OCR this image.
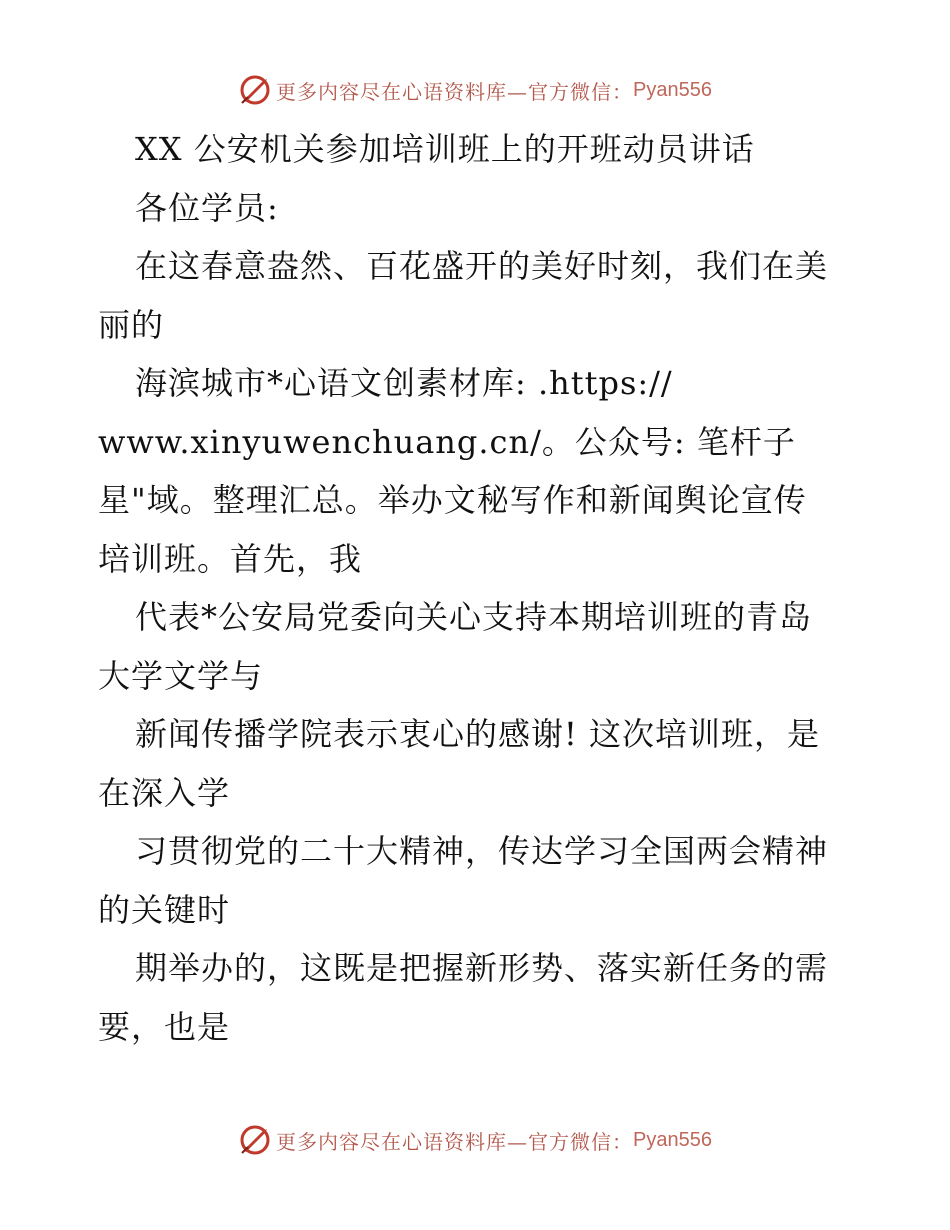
更多内容尽在心语资料库—官方微信： Pyan556
XX 公安机关参加培训班上的开班动员讲话
各位学员:
在这春意盎然、百花盛开的美好时刻，我们在美
丽的
海滨城市*心语文创素材库: .https://
www.xinyuwenchuang.cn/。公众号: 笔杆子
星"域。整理汇总。举办文秘写作和新闻舆论宣传
培训班。首先，我
代表*公安局党委向关心支持本期培训班的青岛
大学文学与
新闻传播学院表示衷心的感谢! 这次培训班，是
在深入学
习贯彻党的二十大精神，传达学习全国两会精神
的关键时
期举办的，这既是把握新形势、落实新任务的需
要，也是
更多内容尽在心语资料库—官方微信： Pyan556
